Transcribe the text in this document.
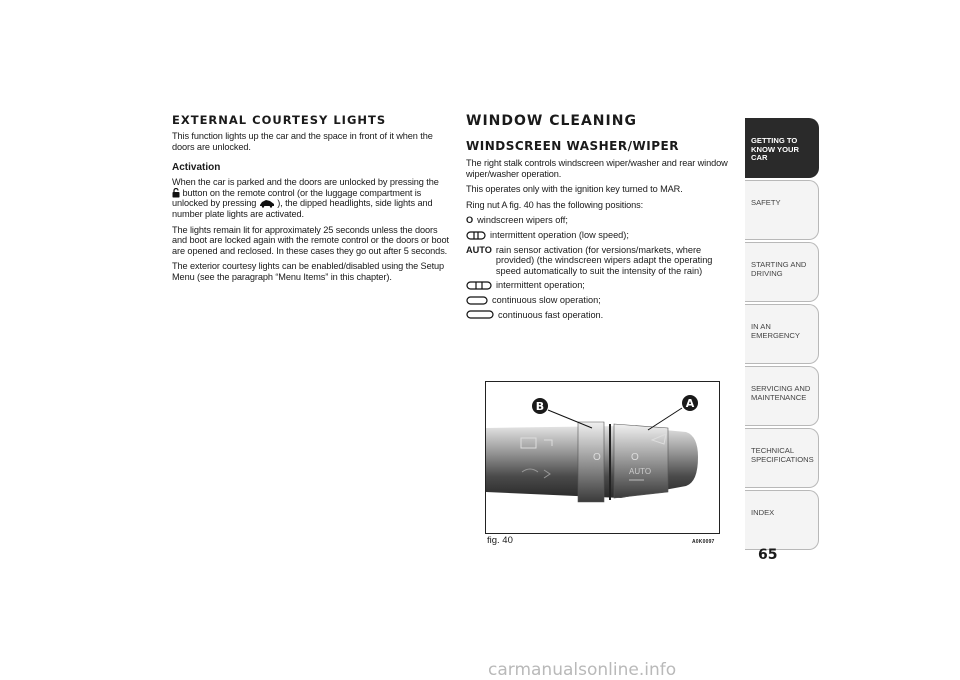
EXTERNAL COURTESY LIGHTS

This function lights up the car and the space in front of it when the doors are unlocked.

Activation

When the car is parked and the doors are unlocked by pressing the
button on the remote control (or the luggage compartment is unlocked by pressing ), the dipped headlights, side lights and number plate lights are activated.

The lights remain lit for approximately 25 seconds unless the doors and boot are locked again with the remote control or the doors or boot are opened and reclosed. In these cases they go out after 5 seconds.

The exterior courtesy lights can be enabled/disabled using the Setup Menu (see the paragraph “Menu Items” in this chapter).

WINDOW CLEANING
WINDSCREEN WASHER/WIPER

The right stalk controls windscreen wiper/washer and rear window wiper/washer operation.

This operates only with the ignition key turned to MAR.

Ring nut A fig. 40 has the following positions:

O windscreen wipers off;
intermittent operation (low speed);
AUTO rain sensor activation (for versions/markets, where provided) (the windscreen wipers adapt the operating speed automatically to suit the intensity of the rain)
intermittent operation;
continuous slow operation;
continuous fast operation.
O	O
AUTO
B	A
fig. 40	A0K0097
GETTING TO
KNOW YOUR CAR
SAFETY

STARTING AND
DRIVING
IN AN EMERGENCY

SERVICING AND
MAINTENANCE
TECHNICAL
SPECIFICATIONS
INDEX

65
carmanualsonline.info
